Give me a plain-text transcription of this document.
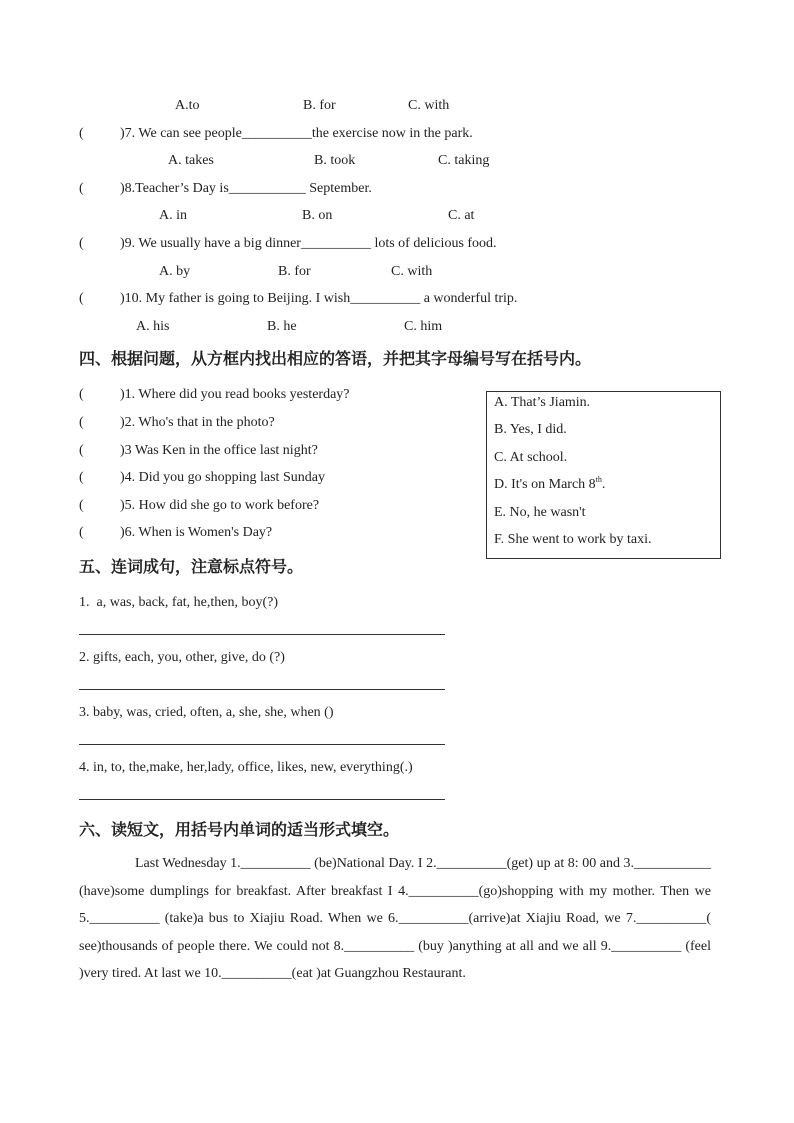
A.to	B. for	C. with
(	)7. We can see people__________the exercise now in the park.
A. takes	B. took	C. taking
(	)8.Teacher’s Day is___________ September.
A. in	B. on	C. at
(	)9. We usually have a big dinner__________ lots of delicious food.
A. by	B. for	C. with
(	)10. My father is going to Beijing. I wish__________ a wonderful trip.
A. his	B. he	C. him
四、根据问题，从方框内找出相应的答语，并把其字母编号写在括号内。
(	)1. Where did you read books yesterday?
(	)2. Who's that in the photo?
(	)3 Was Ken in the office last night?
(	)4. Did you go shopping last Sunday
(	)5. How did she go to work before?
(	)6. When is Women's Day?
A. That’s Jiamin.
B. Yes, I did.
C. At school.
D. It's on March 8th.
E. No, he wasn't
F. She went to work by taxi.
五、连词成句，注意标点符号。
1.  a, was, back, fat, he,then, boy(?)
2. gifts, each, you, other, give, do (?)
3. baby, was, cried, often, a, she, she, when ()
4. in, to, the,make, her,lady, office, likes, new, everything(.)
六、读短文，用括号内单词的适当形式填空。
Last Wednesday 1.__________ (be)National Day. I 2.__________(get) up at 8: 00 and 3.___________ (have)some dumplings for breakfast. After breakfast I 4.__________(go)shopping with my mother. Then we 5.__________ (take)a bus to Xiajiu Road. When we 6.__________(arrive)at Xiajiu Road, we 7.__________( see)thousands of people there. We could not 8.__________ (buy )anything at all and we all 9.__________ (feel )very tired. At last we 10.__________(eat )at Guangzhou Restaurant.
